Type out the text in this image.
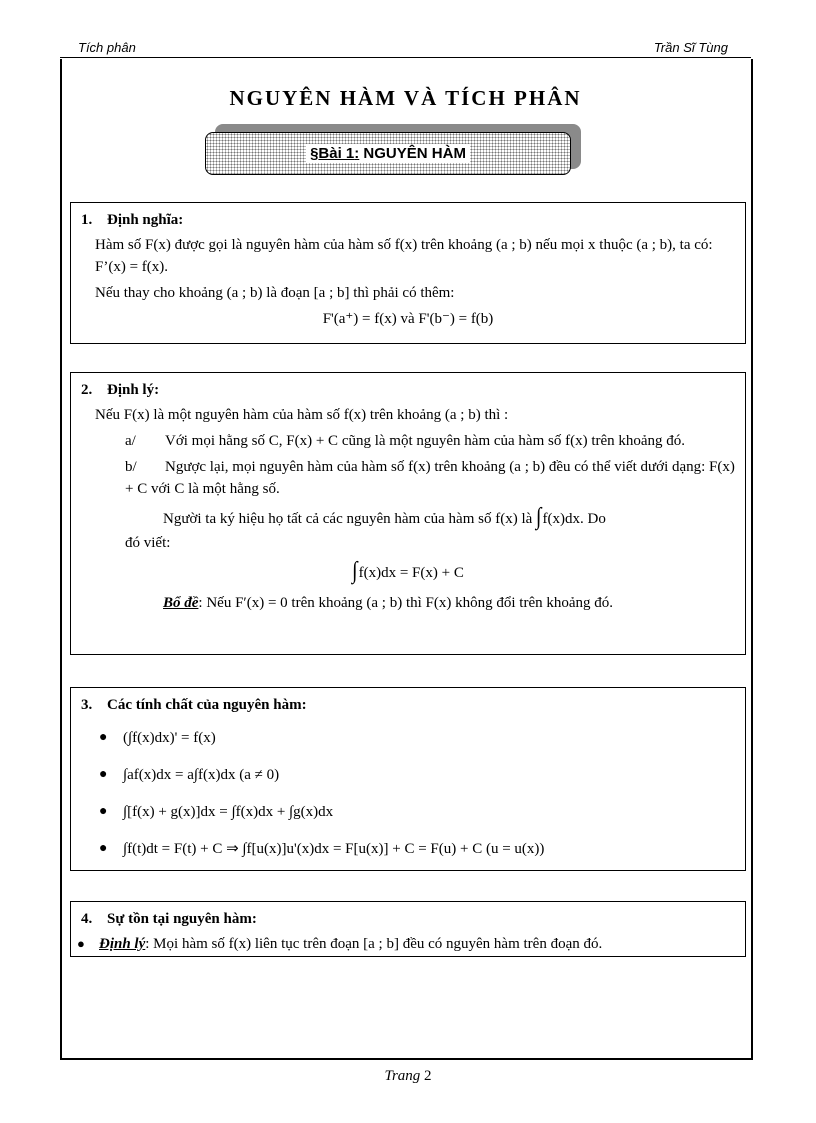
Tích phân	Trần Sĩ Tùng
NGUYÊN HÀM VÀ TÍCH PHÂN
§Bài 1: NGUYÊN HÀM
1. Định nghĩa:

Hàm số F(x) được gọi là nguyên hàm của hàm số f(x) trên khoảng (a ; b) nếu mọi x thuộc (a ; b), ta có: F’(x) = f(x).

Nếu thay cho khoảng (a ; b) là đoạn [a ; b] thì phải có thêm:

F'(a⁺) = f(x) và F'(b⁻) = f(b)

2. Định lý:

Nếu F(x) là một nguyên hàm của hàm số f(x) trên khoảng (a ; b) thì :

a/ Với mọi hằng số C, F(x) + C cũng là một nguyên hàm của hàm số f(x) trên khoảng đó.

b/ Ngược lại, mọi nguyên hàm của hàm số f(x) trên khoảng (a ; b) đều có thể viết dưới dạng: F(x) + C với C là một hằng số.

Người ta ký hiệu họ tất cả các nguyên hàm của hàm số f(x) là ∫f(x)dx. Do

đó viết:

∫f(x)dx = F(x) + C

Bổ đề: Nếu F′(x) = 0 trên khoảng (a ; b) thì F(x) không đổi trên khoảng đó.

3. Các tính chất của nguyên hàm:
●	(∫f(x)dx)' = f(x)
●	∫af(x)dx = a∫f(x)dx (a ≠ 0)
●	∫[f(x) + g(x)]dx = ∫f(x)dx + ∫g(x)dx
●	∫f(t)dt = F(t) + C ⇒ ∫f[u(x)]u'(x)dx = F[u(x)] + C = F(u) + C (u = u(x))
4. Sự tồn tại nguyên hàm:
● Định lý: Mọi hàm số f(x) liên tục trên đoạn [a ; b] đều có nguyên hàm trên đoạn đó.
Trang 2
